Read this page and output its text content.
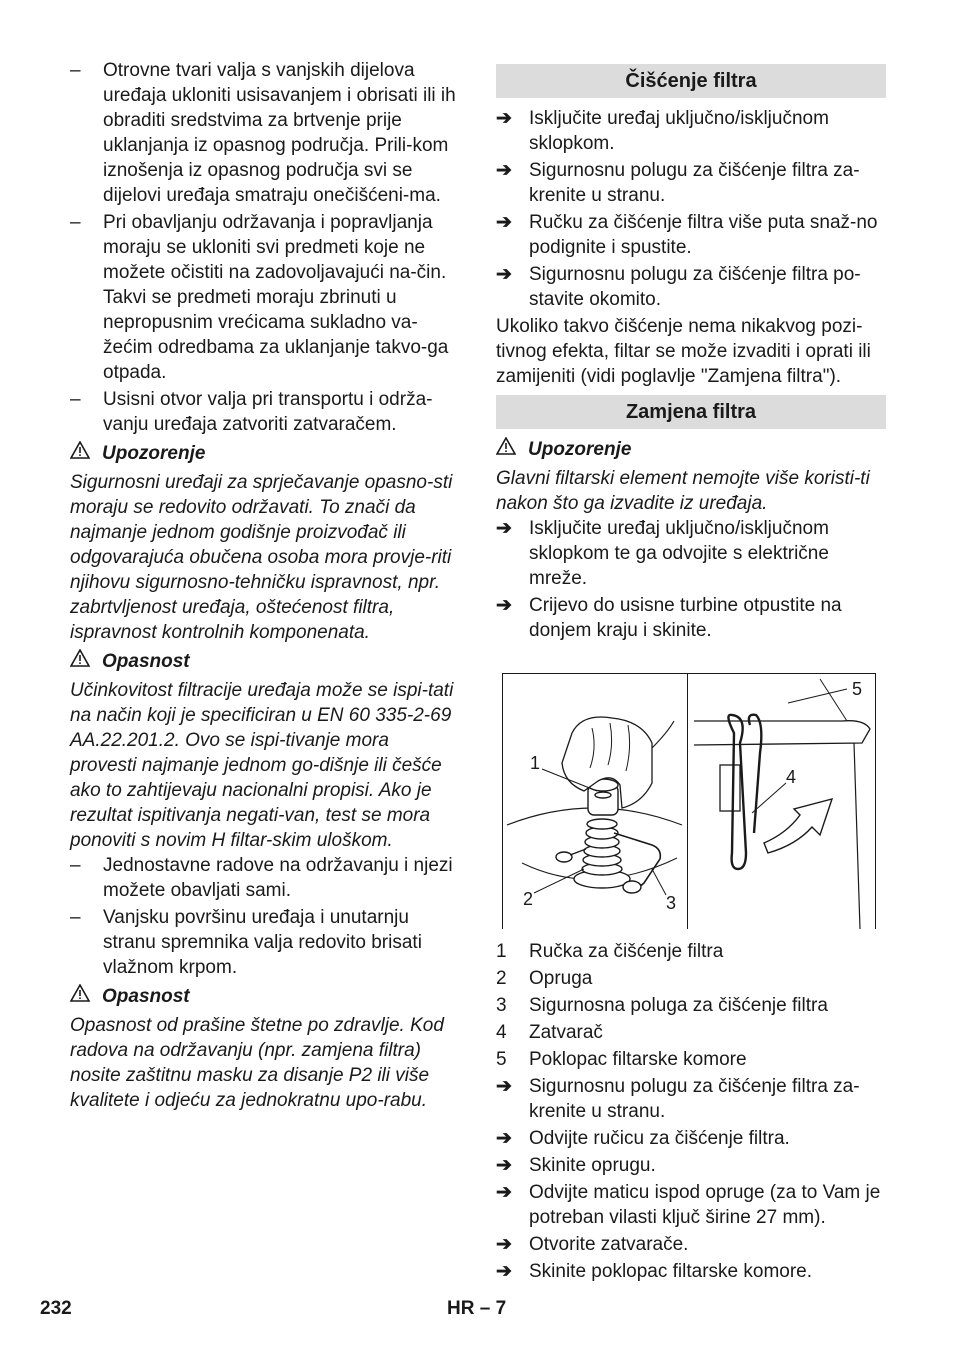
– Otrovne tvari valja s vanjskih dijelova uređaja ukloniti usisavanjem i obrisati ili ih obraditi sredstvima za brtvenje prije uklanjanja iz opasnog područja. Prili-kom iznošenja iz opasnog područja svi se dijelovi uređaja smatraju onečišćeni-ma.
– Pri obavljanju održavanja i popravljanja moraju se ukloniti svi predmeti koje ne možete očistiti na zadovoljavajući na-čin. Takvi se predmeti moraju zbrinuti u nepropusnim vrećicama sukladno va-žećim odredbama za uklanjanje takvo-ga otpada.
– Usisni otvor valja pri transportu i održa-vanju uređaja zatvoriti zatvaračem.
Upozorenje

Sigurnosni uređaji za sprječavanje opasno-sti moraju se redovito održavati. To znači da najmanje jednom godišnje proizvođač ili odgovarajuća obučena osoba mora provje-riti njihovu sigurnosno-tehničku ispravnost, npr. zabrtvljenost uređaja, oštećenost filtra, ispravnost kontrolnih komponenata.

Opasnost

Učinkovitost filtracije uređaja može se ispi-tati na način koji je specificiran u EN 60 335-2-69 AA.22.201.2. Ovo se ispi-tivanje mora provesti najmanje jednom go-dišnje ili češće ako to zahtijevaju nacionalni propisi. Ako je rezultat ispitivanja negati-van, test se mora ponoviti s novim H filtar-skim uloškom.

– Jednostavne radove na održavanju i njezi možete obavljati sami.
– Vanjsku površinu uređaja i unutarnju stranu spremnika valja redovito brisati vlažnom krpom.
Opasnost

Opasnost od prašine štetne po zdravlje. Kod radova na održavanju (npr. zamjena filtra) nosite zaštitnu masku za disanje P2 ili više kvalitete i odjeću za jednokratnu upo-rabu.

Čišćenje filtra
➔ Isključite uređaj uključno/isključnom sklopkom.
➔ Sigurnosnu polugu za čišćenje filtra za-krenite u stranu.
➔ Ručku za čišćenje filtra više puta snaž-no podignite i spustite.
➔ Sigurnosnu polugu za čišćenje filtra po-stavite okomito.

Ukoliko takvo čišćenje nema nikakvog pozi-tivnog efekta, filtar se može izvaditi i oprati ili zamijeniti (vidi poglavlje "Zamjena filtra").

Zamjena filtra
Upozorenje

Glavni filtarski element nemojte više koristi-ti nakon što ga izvadite iz uređaja.

➔ Isključite uređaj uključno/isključnom sklopkom te ga odvojite s električne mreže.
➔ Crijevo do usisne turbine otpustite na donjem kraju i skinite.
1
2	3
4
5
1 Ručka za čišćenje filtra
2 Opruga
3 Sigurnosna poluga za čišćenje filtra
4 Zatvarač
5 Poklopac filtarske komore
➔ Sigurnosnu polugu za čišćenje filtra za-krenite u stranu.
➔ Odvijte ručicu za čišćenje filtra.
➔ Skinite oprugu.
➔ Odvijte maticu ispod opruge (za to Vam je potreban vilasti ključ širine 27 mm).
➔ Otvorite zatvarače.
➔ Skinite poklopac filtarske komore.
232	HR – 7
